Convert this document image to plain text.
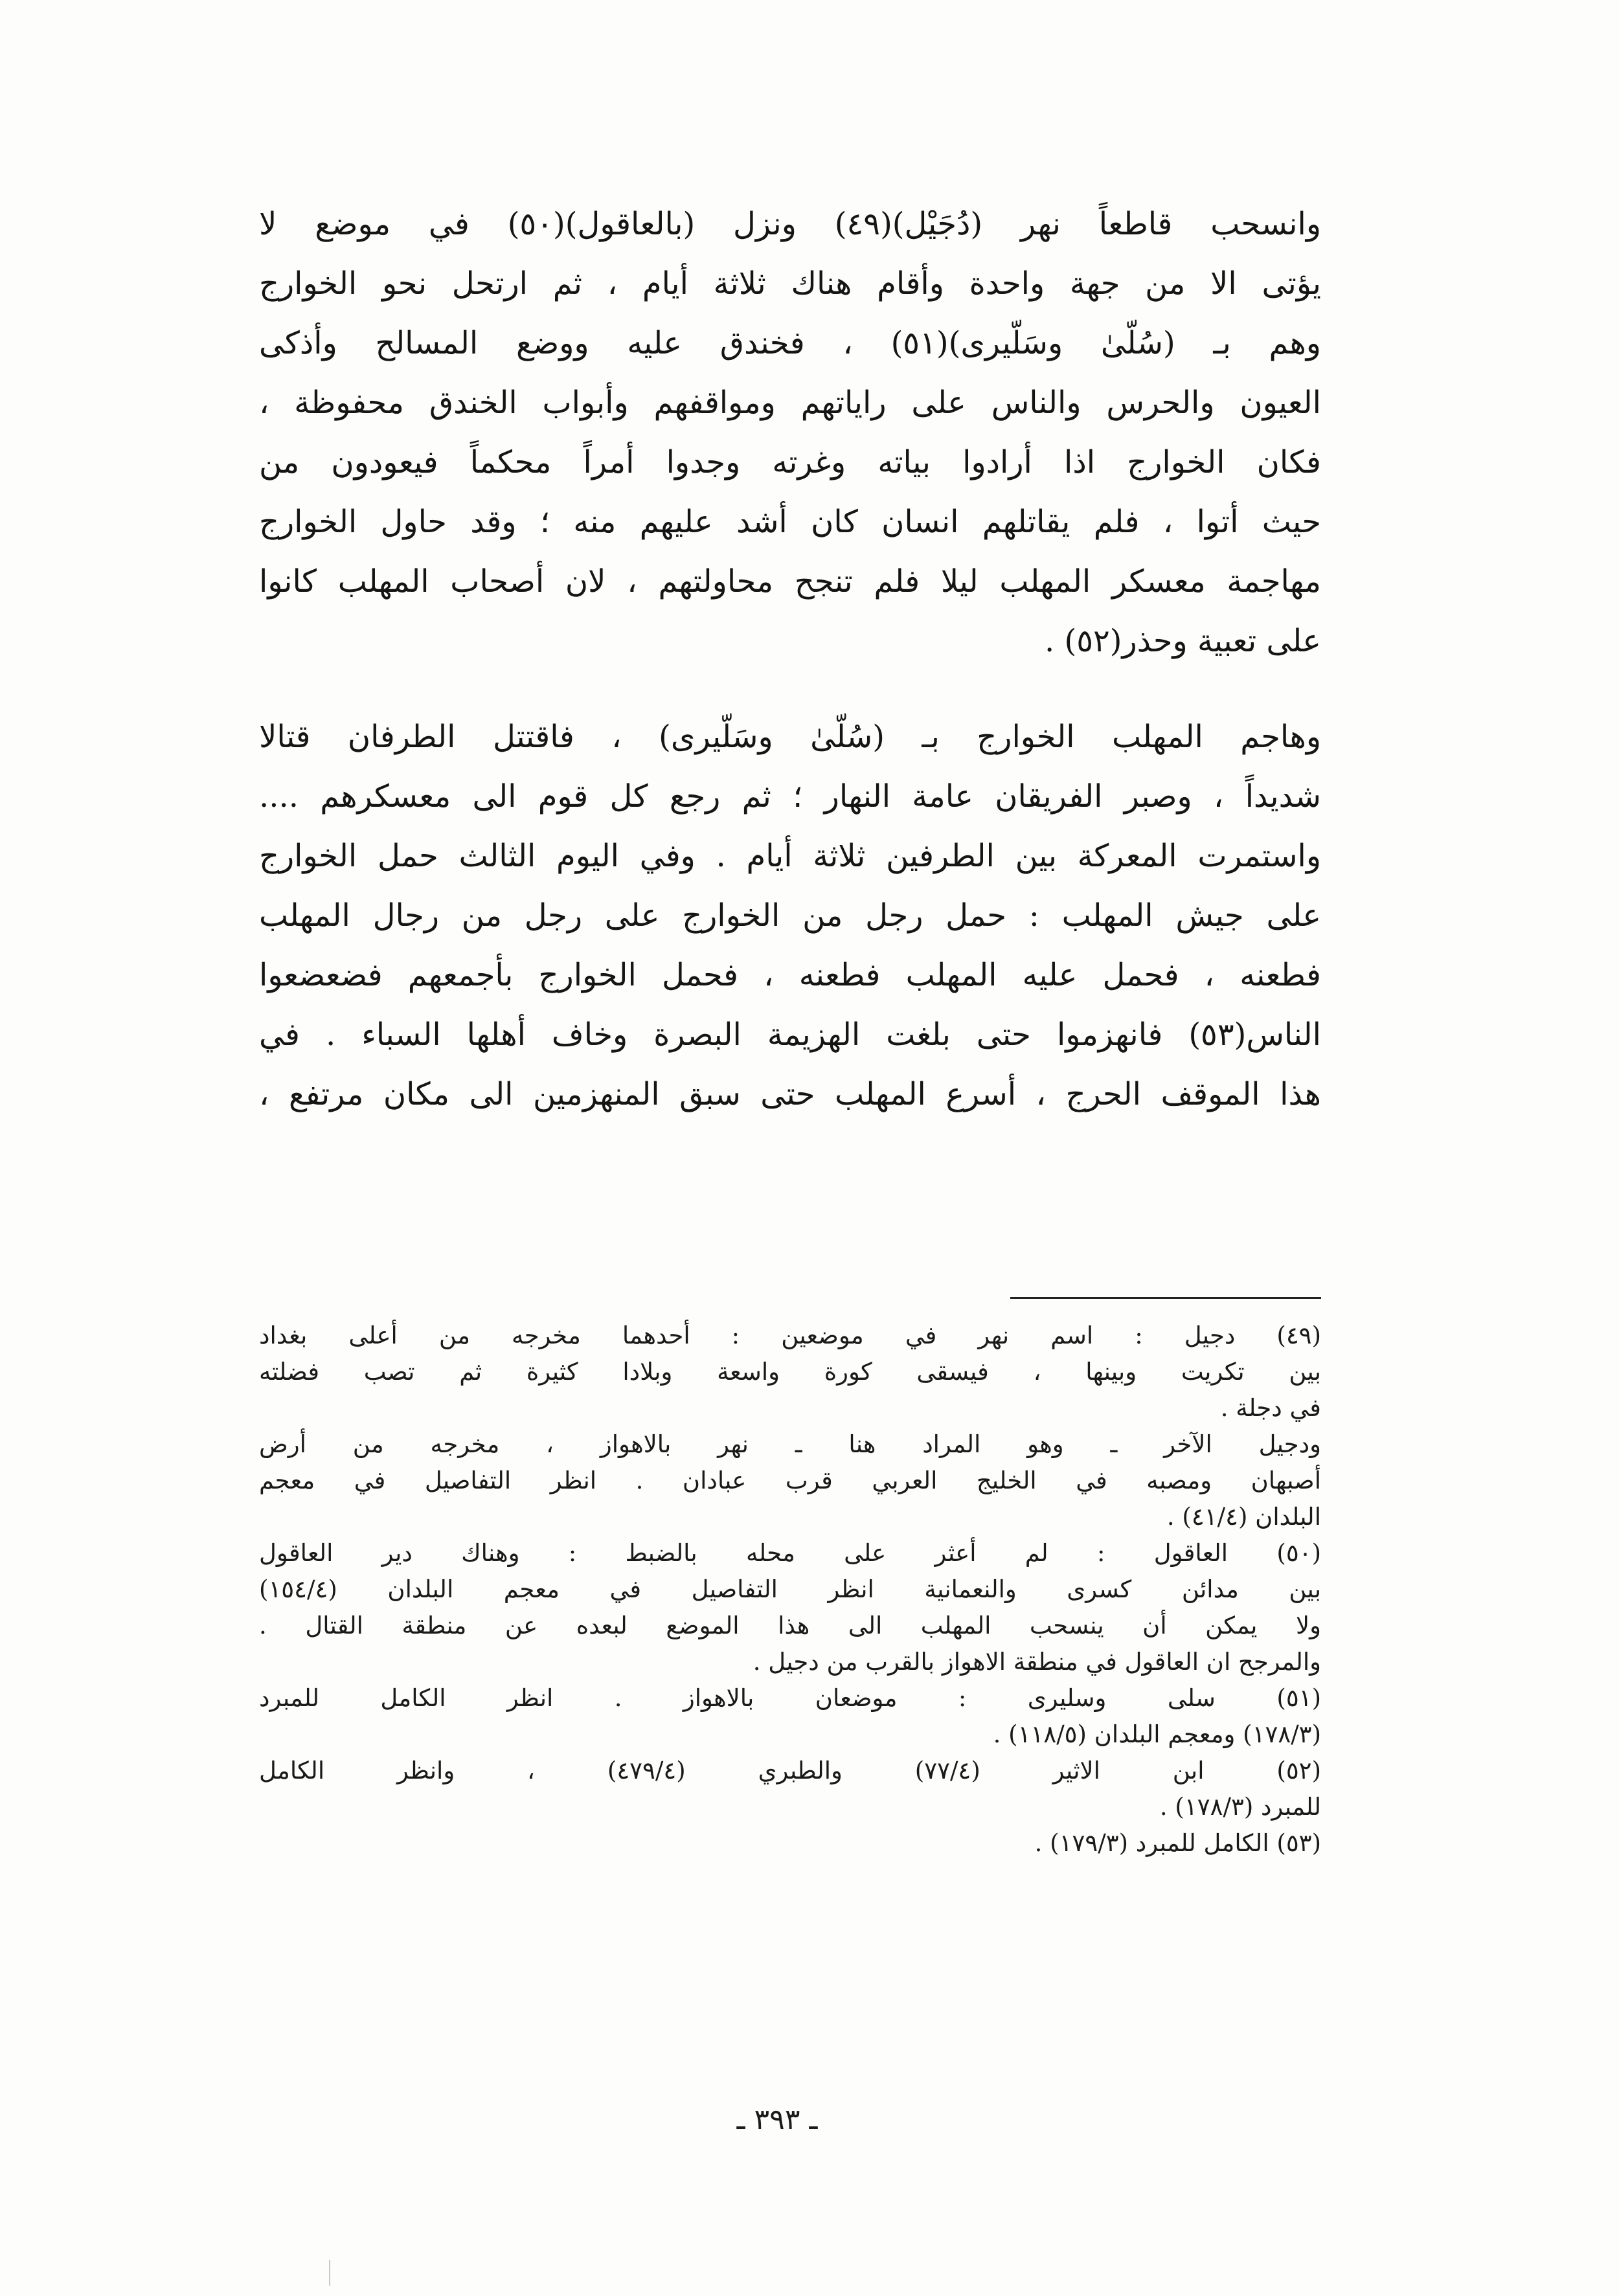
وانسحب قاطعاً نهر (دُجَيْل)(٤٩) ونزل (بالعاقول)(٥٠) في موضع لا
يؤتى الا من جهة واحدة وأقام هناك ثلاثة أيام ، ثم ارتحل نحو الخوارج
وهم بـ (سُلّىٰ وسَلّيرى)(٥١) ، فخندق عليه ووضع المسالح وأذكى
العيون والحرس والناس على راياتهم ومواقفهم وأبواب الخندق محفوظة ،
فكان الخوارج اذا أرادوا بياته وغرته وجدوا أمراً محكماً فيعودون من
حيث أتوا ، فلم يقاتلهم انسان كان أشد عليهم منه ؛ وقد حاول الخوارج
مهاجمة معسكر المهلب ليلا فلم تنجح محاولتهم ، لان أصحاب المهلب كانوا
على تعبية وحذر(٥٢) .
وهاجم المهلب الخوارج بـ (سُلّىٰ وسَلّيرى) ، فاقتتل الطرفان قتالا
شديداً ، وصبر الفريقان عامة النهار ؛ ثم رجع كل قوم الى معسكرهم ....
واستمرت المعركة بين الطرفين ثلاثة أيام . وفي اليوم الثالث حمل الخوارج
على جيش المهلب : حمل رجل من الخوارج على رجل من رجال المهلب
فطعنه ، فحمل عليه المهلب فطعنه ، فحمل الخوارج بأجمعهم فضعضعوا
الناس(٥٣) فانهزموا حتى بلغت الهزيمة البصرة وخاف أهلها السباء . في
هذا الموقف الحرج ، أسرع المهلب حتى سبق المنهزمين الى مكان مرتفع ،
(٤٩) دجيل : اسم نهر في موضعين : أحدهما مخرجه من أعلى بغداد
بين تكريت وبينها ، فيسقى كورة واسعة وبلادا كثيرة ثم تصب فضلته
في دجلة .
ودجيل الآخر ـ وهو المراد هنا ـ نهر بالاهواز ، مخرجه من أرض
أصبهان ومصبه في الخليج العربي قرب عبادان . انظر التفاصيل في معجم
البلدان (٤١/٤) .
(٥٠) العاقول : لم أعثر على محله بالضبط : وهناك دير العاقول
بين مدائن كسرى والنعمانية انظر التفاصيل في معجم البلدان (١٥٤/٤)
ولا يمكن أن ينسحب المهلب الى هذا الموضع لبعده عن منطقة القتال .
والمرجح ان العاقول في منطقة الاهواز بالقرب من دجيل .
(٥١) سلى وسليرى : موضعان بالاهواز . انظر الكامل للمبرد
(١٧٨/٣) ومعجم البلدان (١١٨/٥) .
(٥٢) ابن الاثير (٧٧/٤) والطبري (٤٧٩/٤) ، وانظر الكامل
للمبرد (١٧٨/٣) .
(٥٣) الكامل للمبرد (١٧٩/٣) .
ـ ٣٩٣ ـ
